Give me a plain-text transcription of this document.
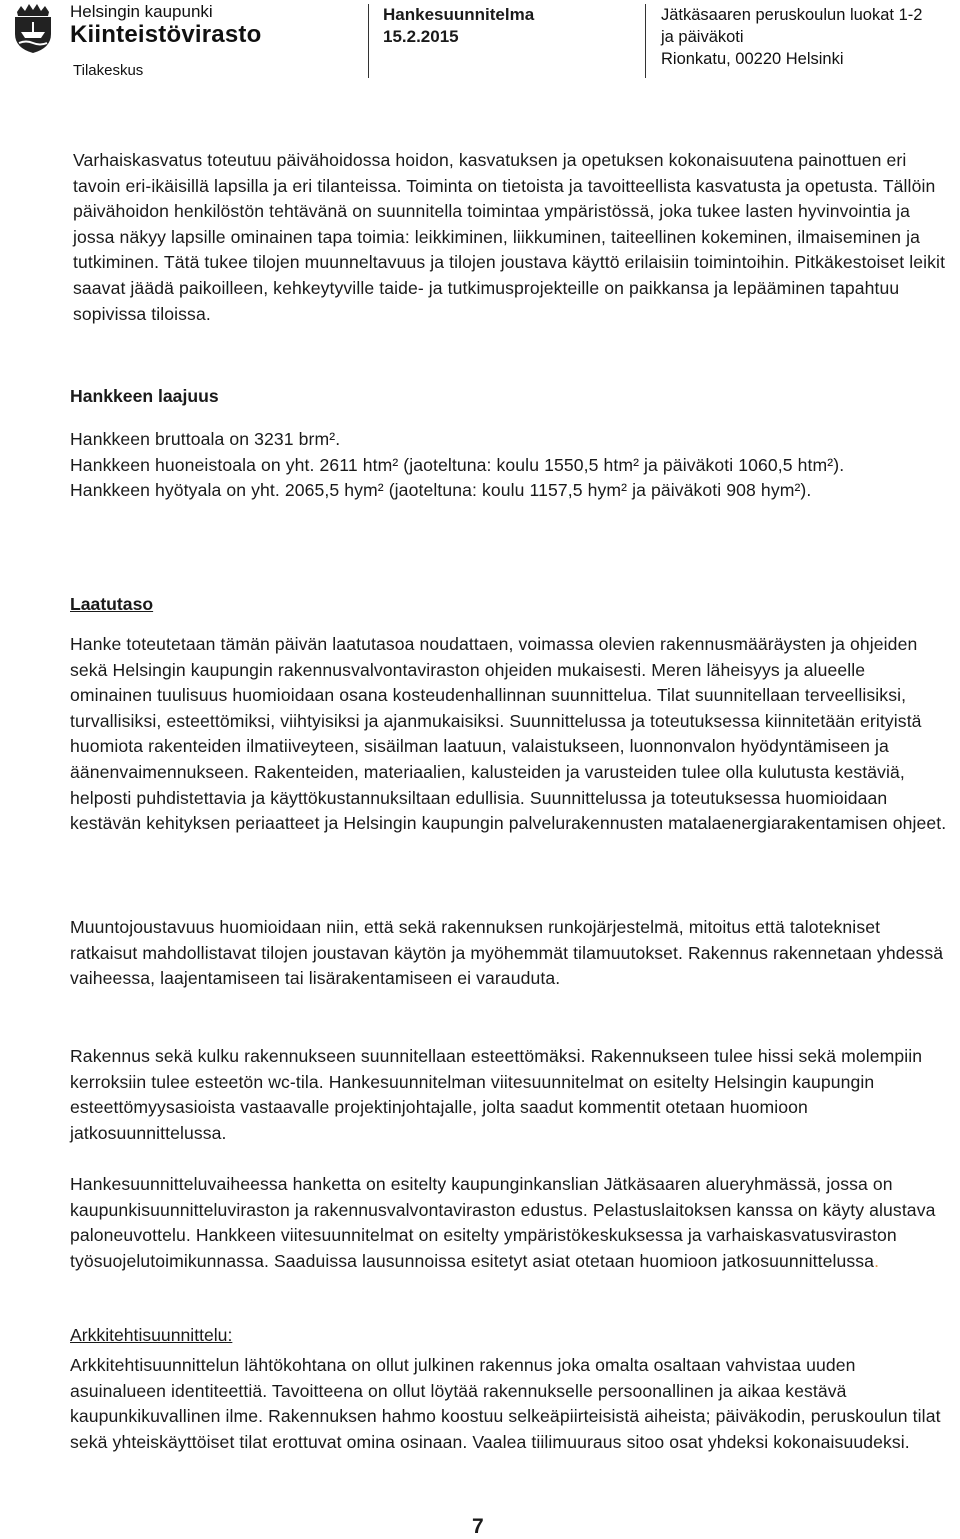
Helsingin kaupunki
Kiinteistövirasto
Tilakeskus
Hankesuunnitelma
15.2.2015
Jätkäsaaren peruskoulun luokat 1-2
ja päiväkoti
Rionkatu, 00220 Helsinki

Varhaiskasvatus toteutuu päivähoidossa hoidon, kasvatuksen ja opetuksen kokonaisuutena painottuen eri tavoin eri-ikäisillä lapsilla ja eri tilanteissa. Toiminta on tietoista ja tavoitteellista kasvatusta ja opetusta. Tällöin päivähoidon henkilöstön tehtävänä on suunnitella toimintaa ympäristössä, joka tukee lasten hyvinvointia ja jossa näkyy lapsille ominainen tapa toimia: leikkiminen, liikkuminen, taiteellinen kokeminen, ilmaiseminen ja tutkiminen. Tätä tukee tilojen muunneltavuus ja tilojen joustava käyttö erilaisiin toimintoihin. Pitkäkestoiset leikit saavat jäädä paikoilleen, kehkeytyville taide- ja tutkimusprojekteille on paikkansa ja lepääminen tapahtuu sopivissa tiloissa.

Hankkeen laajuus

Hankkeen bruttoala on 3231 brm².

Hankkeen huoneistoala on yht. 2611 htm² (jaoteltuna: koulu 1550,5 htm² ja päiväkoti 1060,5 htm²).

Hankkeen hyötyala on yht. 2065,5 hym² (jaoteltuna: koulu 1157,5 hym² ja päiväkoti 908 hym²).

Laatutaso

Hanke toteutetaan tämän päivän laatutasoa noudattaen, voimassa olevien rakennusmääräysten ja ohjeiden sekä Helsingin kaupungin rakennusvalvontaviraston ohjeiden mukaisesti. Meren läheisyys ja alueelle ominainen tuulisuus huomioidaan osana kosteudenhallinnan suunnittelua. Tilat suunnitellaan terveellisiksi, turvallisiksi, esteettömiksi, viihtyisiksi ja ajanmukaisiksi. Suunnittelussa ja toteutuksessa kiinnitetään erityistä huomiota rakenteiden ilmatiiveyteen, sisäilman laatuun, valaistukseen, luonnonvalon hyödyntämiseen ja äänenvaimennukseen. Rakenteiden, materiaalien, kalusteiden ja varusteiden tulee olla kulutusta kestäviä, helposti puhdistettavia ja käyttökustannuksiltaan edullisia. Suunnittelussa ja toteutuksessa huomioidaan kestävän kehityksen periaatteet ja Helsingin kaupungin palvelurakennusten matalaenergiarakentamisen ohjeet.

Muuntojoustavuus huomioidaan niin, että sekä rakennuksen runkojärjestelmä, mitoitus että talotekniset ratkaisut mahdollistavat tilojen joustavan käytön ja myöhemmät tilamuutokset. Rakennus rakennetaan yhdessä vaiheessa, laajentamiseen tai lisärakentamiseen ei varauduta.

Rakennus sekä kulku rakennukseen suunnitellaan esteettömäksi. Rakennukseen tulee hissi sekä molempiin kerroksiin tulee esteetön wc-tila. Hankesuunnitelman viitesuunnitelmat on esitelty Helsingin kaupungin esteettömyysasioista vastaavalle projektinjohtajalle, jolta saadut kommentit otetaan huomioon jatkosuunnittelussa.

Hankesuunnitteluvaiheessa hanketta on esitelty kaupunginkanslian Jätkäsaaren alueryhmässä, jossa on kaupunkisuunnitteluviraston ja rakennusvalvontaviraston edustus. Pelastuslaitoksen kanssa on käyty alustava paloneuvottelu. Hankkeen viitesuunnitelmat on esitelty ympäristökeskuksessa ja varhaiskasvatusviraston työsuojelutoimikunnassa. Saaduissa lausunnoissa esitetyt asiat otetaan huomioon jatkosuunnittelussa.

Arkkitehtisuunnittelu:

Arkkitehtisuunnittelun lähtökohtana on ollut julkinen rakennus joka omalta osaltaan vahvistaa uuden asuinalueen identiteettiä. Tavoitteena on ollut löytää rakennukselle persoonallinen ja aikaa kestävä kaupunkikuvallinen ilme. Rakennuksen hahmo koostuu selkeäpiirteisistä aiheista; päiväkodin, peruskoulun tilat sekä yhteiskäyttöiset tilat erottuvat omina osinaan. Vaalea tiilimuuraus sitoo osat yhdeksi kokonaisuudeksi.

7
